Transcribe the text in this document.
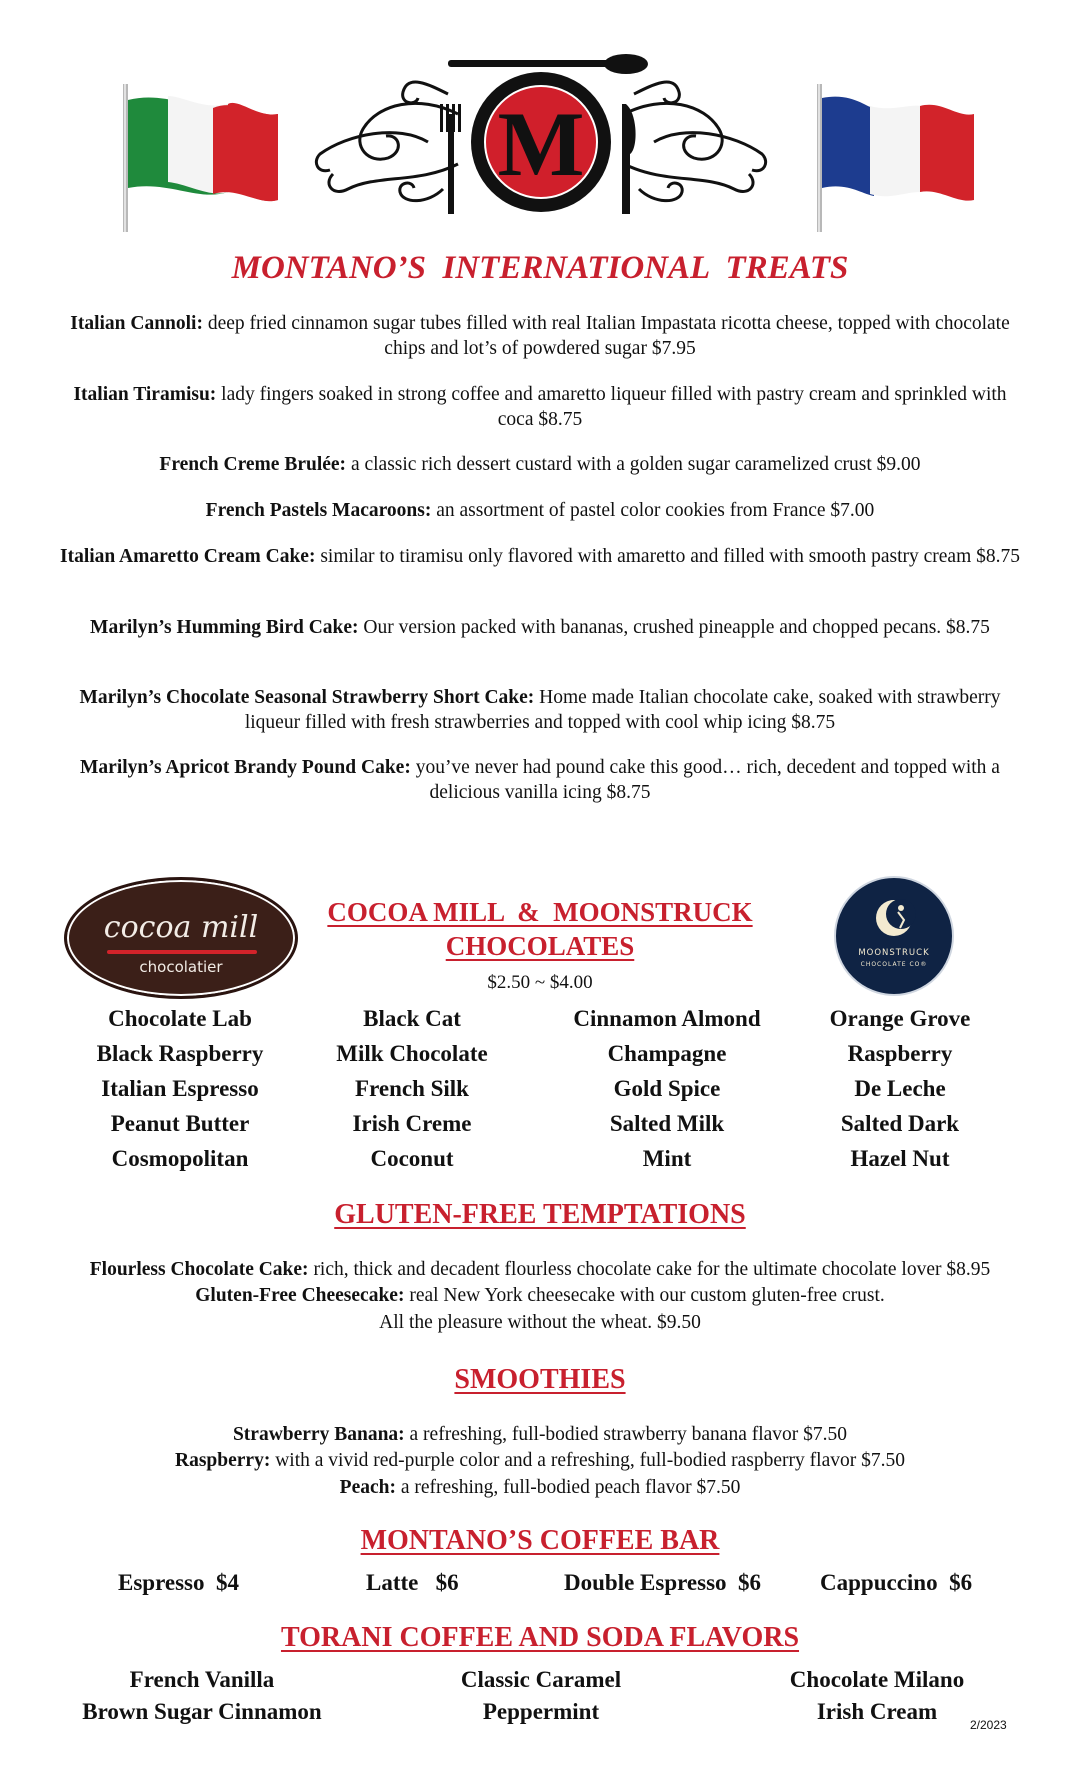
M
MONTANO’S  INTERNATIONAL  TREATS
Italian Cannoli: deep fried cinnamon sugar tubes filled with real Italian Impastata ricotta cheese, topped with chocolate chips and lot’s of powdered sugar $7.95
Italian Tiramisu: lady fingers soaked in strong coffee and amaretto liqueur filled with pastry cream and sprinkled with coca $8.75
French Creme Brulée: a classic rich dessert custard with a golden sugar caramelized crust $9.00
French Pastels Macaroons: an assortment of pastel color cookies from France $7.00
Italian Amaretto Cream Cake: similar to tiramisu only flavored with amaretto and filled with smooth pastry cream $8.75
Marilyn’s Humming Bird Cake: Our version packed with bananas, crushed pineapple and chopped pecans. $8.75
Marilyn’s Chocolate Seasonal Strawberry Short Cake: Home made Italian chocolate cake, soaked with strawberry liqueur filled with fresh strawberries and topped with cool whip icing $8.75
Marilyn’s Apricot Brandy Pound Cake: you’ve never had pound cake this good… rich, decedent and topped with a delicious vanilla icing $8.75
cocoa mill
chocolatier
MOONSTRUCK
CHOCOLATE CO®
COCOA MILL  &  MOONSTRUCK
CHOCOLATES
$2.50 ~ $4.00
Chocolate Lab
Black Raspberry
Italian Espresso
Peanut Butter
Cosmopolitan
Black Cat
Milk Chocolate
French Silk
Irish Creme
Coconut
Cinnamon Almond
Champagne
Gold Spice
Salted Milk
Mint
Orange Grove
Raspberry
De Leche
Salted Dark
Hazel Nut
GLUTEN-FREE TEMPTATIONS
Flourless Chocolate Cake: rich, thick and decadent flourless chocolate cake for the ultimate chocolate lover $8.95
Gluten-Free Cheesecake: real New York cheesecake with our custom gluten-free crust.
All the pleasure without the wheat. $9.50
SMOOTHIES
Strawberry Banana: a refreshing, full-bodied strawberry banana flavor $7.50
Raspberry: with a vivid red-purple color and a refreshing, full-bodied raspberry flavor $7.50
Peach: a refreshing, full-bodied peach flavor $7.50
MONTANO’S COFFEE BAR
Espresso  $4	Latte   $6	Double Espresso  $6	Cappuccino  $6
TORANI COFFEE AND SODA FLAVORS
French Vanilla
Brown Sugar Cinnamon
Classic Caramel
Peppermint
Chocolate Milano
Irish Cream
2/2023
